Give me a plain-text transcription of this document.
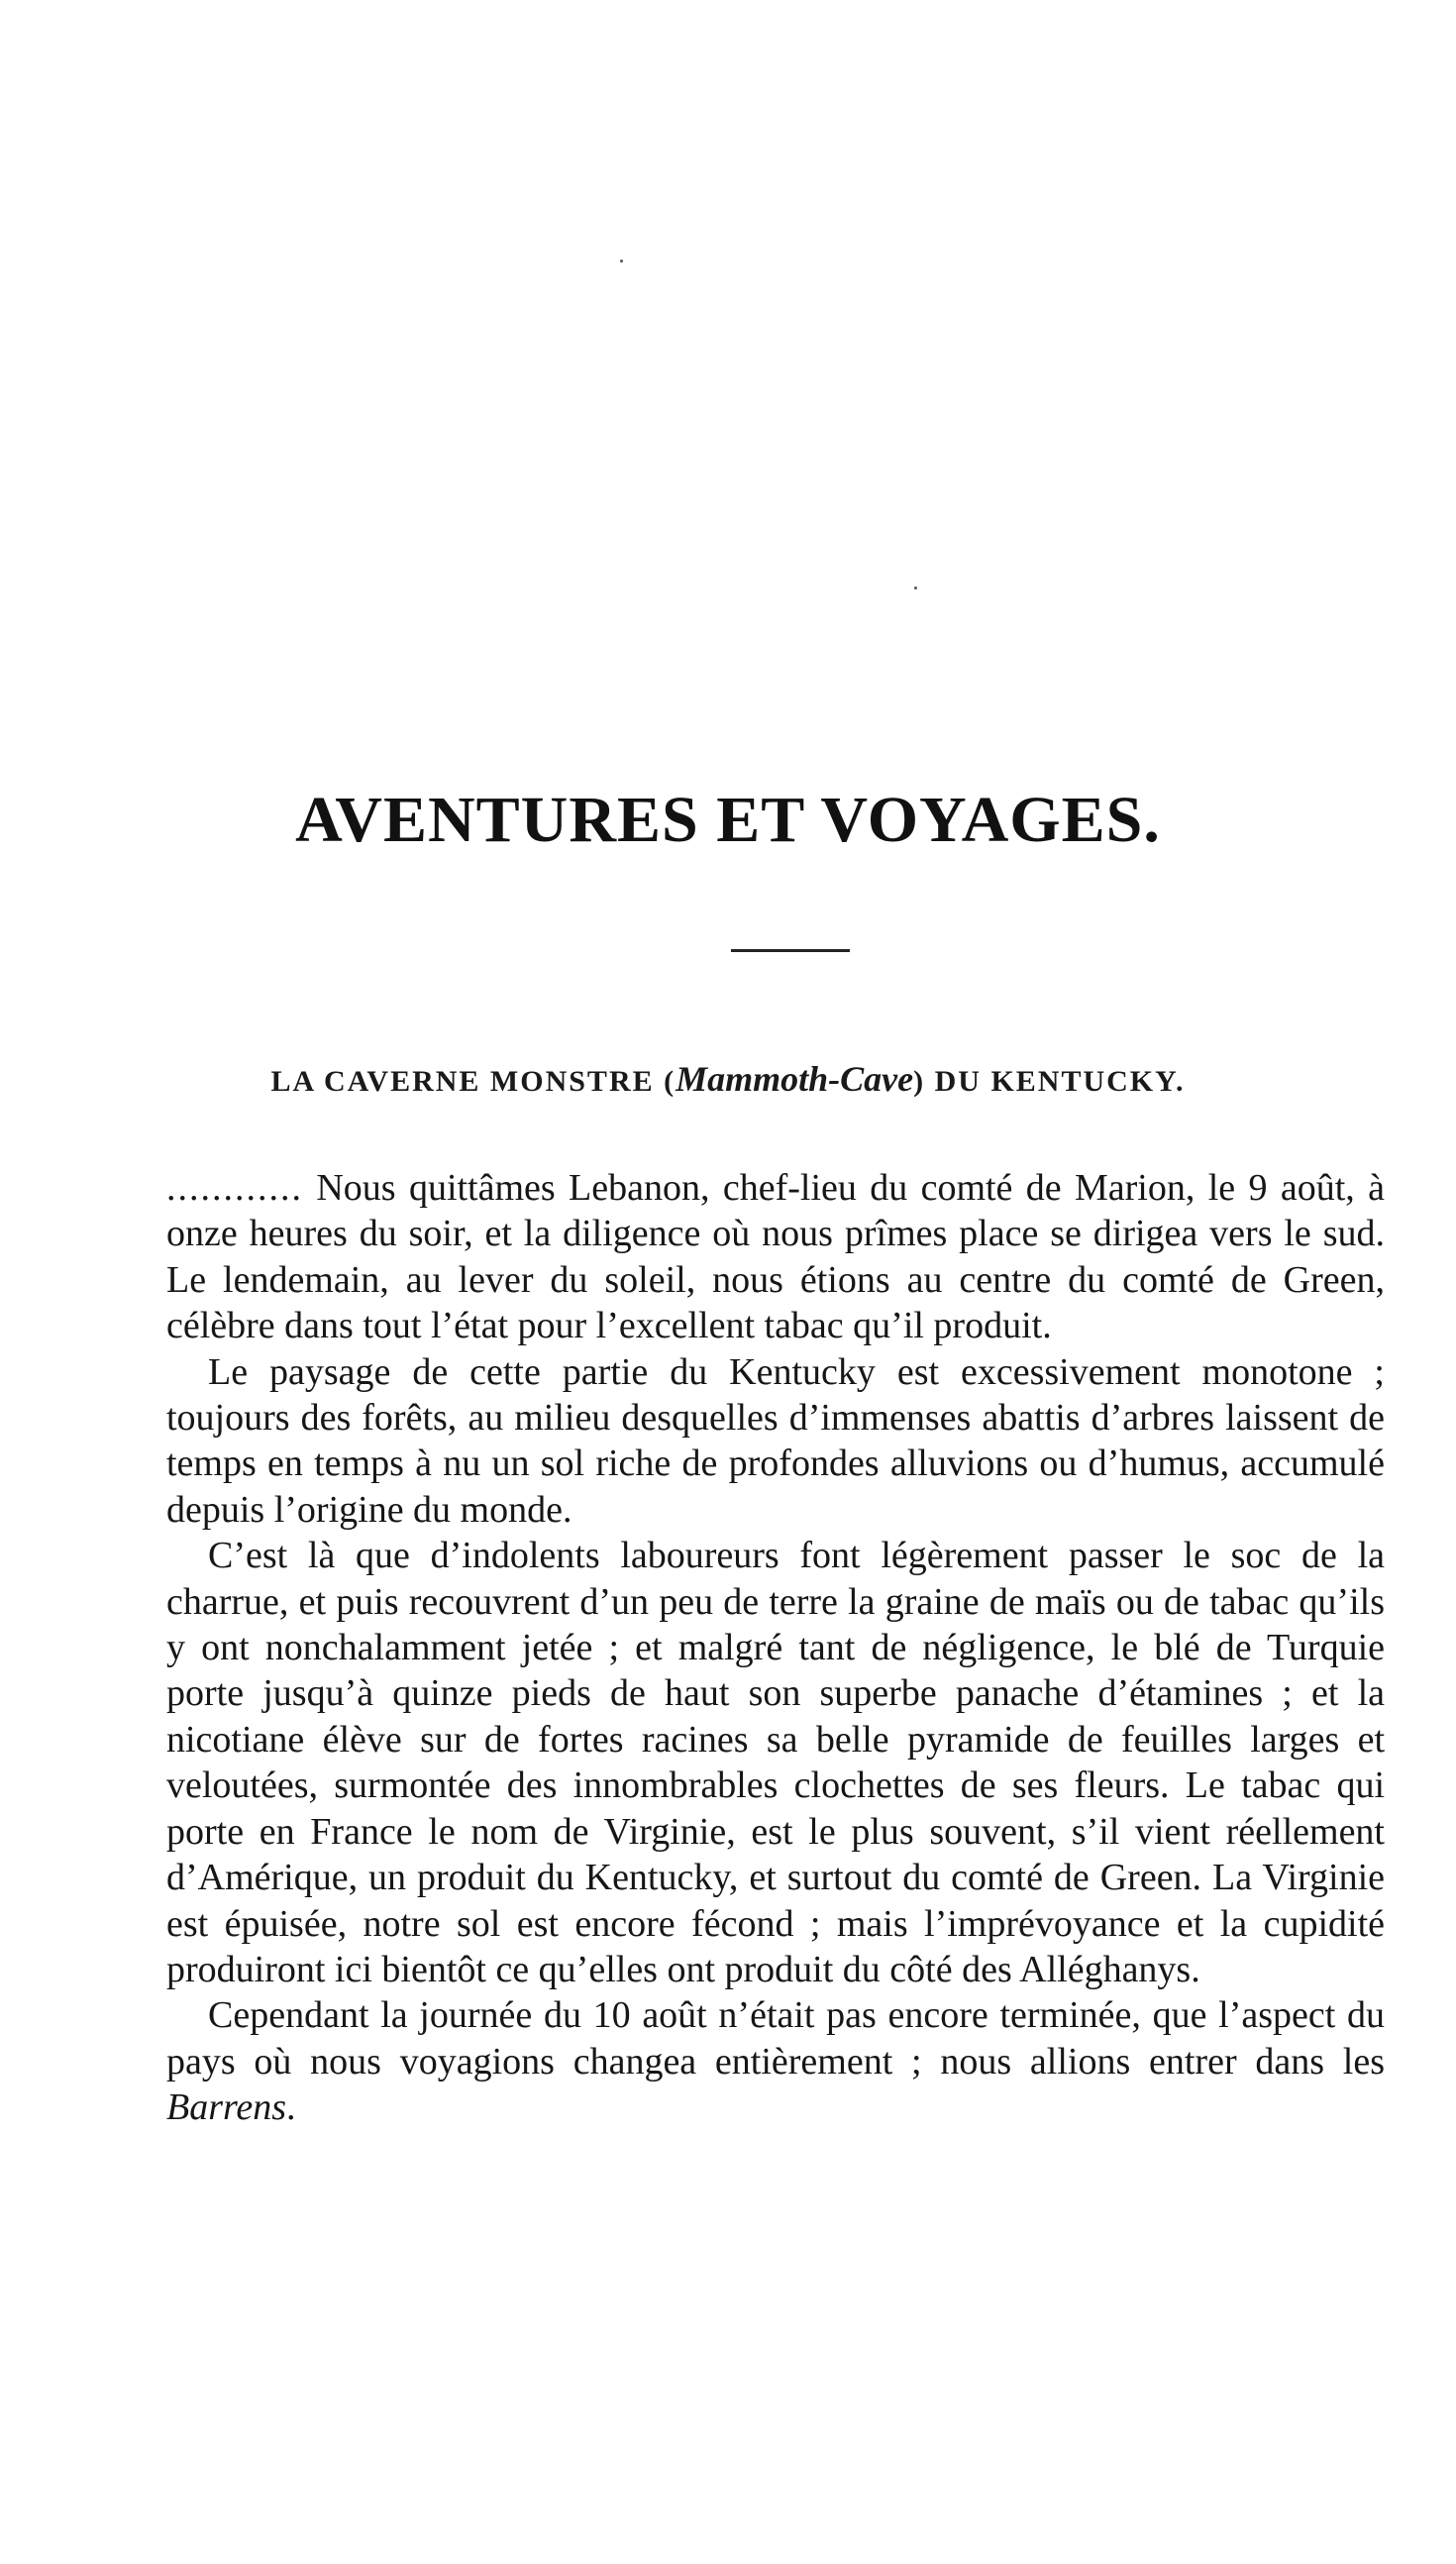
AVENTURES ET VOYAGES.
LA CAVERNE MONSTRE (Mammoth-Cave) DU KENTUCKY.

............ Nous quittâmes Lebanon, chef-lieu du comté de Marion, le 9 août, à onze heures du soir, et la diligence où nous prîmes place se dirigea vers le sud. Le lendemain, au lever du soleil, nous étions au centre du comté de Green, célèbre dans tout l’état pour l’excellent tabac qu’il produit.

Le paysage de cette partie du Kentucky est excessivement monotone ; toujours des forêts, au milieu desquelles d’immenses abattis d’arbres laissent de temps en temps à nu un sol riche de profondes alluvions ou d’humus, accumulé depuis l’origine du monde.

C’est là que d’indolents laboureurs font légèrement passer le soc de la charrue, et puis recouvrent d’un peu de terre la graine de maïs ou de tabac qu’ils y ont nonchalamment jetée ; et malgré tant de négligence, le blé de Turquie porte jusqu’à quinze pieds de haut son superbe panache d’étamines ; et la nicotiane élève sur de fortes racines sa belle pyramide de feuilles larges et veloutées, surmontée des innombrables clochettes de ses fleurs. Le tabac qui porte en France le nom de Virginie, est le plus souvent, s’il vient réellement d’Amérique, un produit du Kentucky, et surtout du comté de Green. La Virginie est épuisée, notre sol est encore fécond ; mais l’imprévoyance et la cupidité produiront ici bientôt ce qu’elles ont produit du côté des Alléghanys.

Cependant la journée du 10 août n’était pas encore terminée, que l’aspect du pays où nous voyagions changea entièrement ; nous allions entrer dans les Barrens.
